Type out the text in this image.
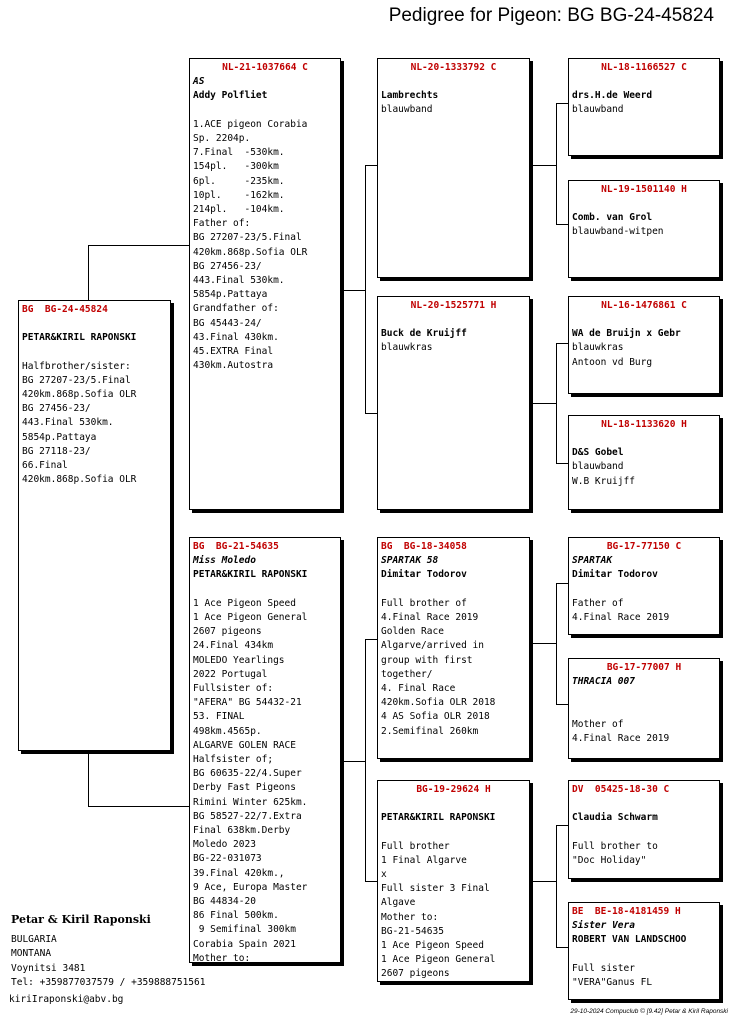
Pedigree for Pigeon: BG BG-24-45824
BG  BG-24-45824
PETAR&KIRIL RAPONSKI

Halfbrother/sister:
BG 27207-23/5.Final
420km.868p.Sofia OLR
BG 27456-23/
443.Final 530km.
5854p.Pattaya
BG 27118-23/
66.Final
420km.868p.Sofia OLR
NL-21-1037664 C
AS
Addy Polfliet

1.ACE pigeon Corabia
Sp. 2204p.
7.Final  -530km.
154pl.   -300km
6pl.     -235km.
10pl.    -162km.
214pl.   -104km.
Father of:
BG 27207-23/5.Final
420km.868p.Sofia OLR
BG 27456-23/
443.Final 530km.
5854p.Pattaya
Grandfather of:
BG 45443-24/
43.Final 430km.
45.EXTRA Final
430km.Autostra
BG  BG-21-54635
Miss Moledo
PETAR&KIRIL RAPONSKI

1 Ace Pigeon Speed
1 Ace Pigeon General
2607 pigeons
24.Final 434km
MOLEDO Yearlings
2022 Portugal
Fullsister of:
"AFERA" BG 54432-21
53. FINAL
498km.4565p.
ALGARVE GOLEN RACE
Halfsister of;
BG 60635-22/4.Super
Derby Fast Pigeons
Rimini Winter 625km.
BG 58527-22/7.Extra
Final 638km.Derby
Moledo 2023
BG-22-031073
39.Final 420km.,
9 Ace, Europa Master
BG 44834-20
86 Final 500km.
9 Semifinal 300km
Corabia Spain 2021
Mother to:
NL-20-1333792 C
Lambrechts
blauwband
NL-20-1525771 H
Buck de Kruijff
blauwkras
BG  BG-18-34058
SPARTAK 58
Dimitar Todorov

Full brother of
4.Final Race 2019
Golden Race
Algarve/arrived in
group with first
together/
4. Final Race
420km.Sofia OLR 2018
4 AS Sofia OLR 2018
2.Semifinal 260km
BG-19-29624 H
PETAR&KIRIL RAPONSKI

Full brother
1 Final Algarve
x
Full sister 3 Final
Algave
Mother to:
BG-21-54635
1 Ace Pigeon Speed
1 Ace Pigeon General
2607 pigeons
NL-18-1166527 C
drs.H.de Weerd
blauwband
NL-19-1501140 H
Comb. van Grol
blauwband-witpen
NL-16-1476861 C
WA de Bruijn x Gebr
blauwkras
Antoon vd Burg
NL-18-1133620 H
D&S Gobel
blauwband
W.B Kruijff
BG-17-77150 C
SPARTAK
Dimitar Todorov

Father of
4.Final Race 2019
BG-17-77007 H
THRACIA 007

Mother of
4.Final Race 2019
DV  05425-18-30 C
Claudia Schwarm

Full brother to
"Doc Holiday"
BE  BE-18-4181459 H
Sister Vera
ROBERT VAN LANDSCHOO

Full sister
"VERA"Ganus FL
Petar & Kiril Raponski
BULGARIA
MONTANA
Voynitsi 3481
Tel: +359877037579 / +359888751561
kiriIraponski@abv.bg
29-10-2024 Compuclub © [9.42] Petar & Kiril Raponski
